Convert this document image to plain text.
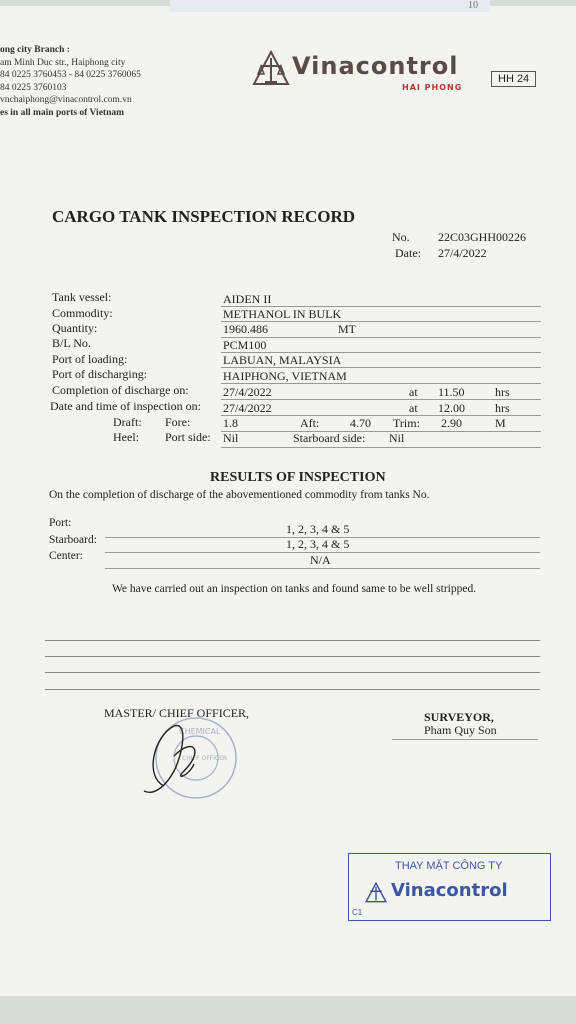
10
ong city Branch :
am Minh Duc str., Haiphong city
84 0225 3760453 - 84 0225 3760065
84 0225 3760103
vnchaiphong@vinacontrol.com.vn
es in all main ports of Vietnam
Vinacontrol
HAI PHONG
HH 24
CARGO TANK INSPECTION RECORD
No. 22C03GHH00226
Date: 27/4/2022
Tank vessel:	AIDEN II
Commodity:	METHANOL IN BULK
Quantity:	1960.486	MT
B/L No.	PCM100
Port of loading:	LABUAN, MALAYSIA
Port of discharging:	HAIPHONG, VIETNAM
Completion of discharge on:	27/4/2022	at 11.50	hrs
Date and time of inspection on: 27/4/2022	at 12.00	hrs
Draft: Fore:	1.8	Aft:	4.70 Trim: 2.90	M
Heel: Port side: Nil	Starboard side: Nil
RESULTS OF INSPECTION
On the completion of discharge of the abovementioned commodity from tanks No.
Port:	1, 2, 3, 4 & 5
Starboard:	1, 2, 3, 4 & 5
Center:	N/A
We have carried out an inspection on tanks and found same to be well stripped.
MASTER/ CHIEF OFFICER,	SURVEYOR,
Pham Quy Son
CHEMICAL
CHIEF OFFICER
THAY MẶT CÔNG TY
Vinacontrol
C1
